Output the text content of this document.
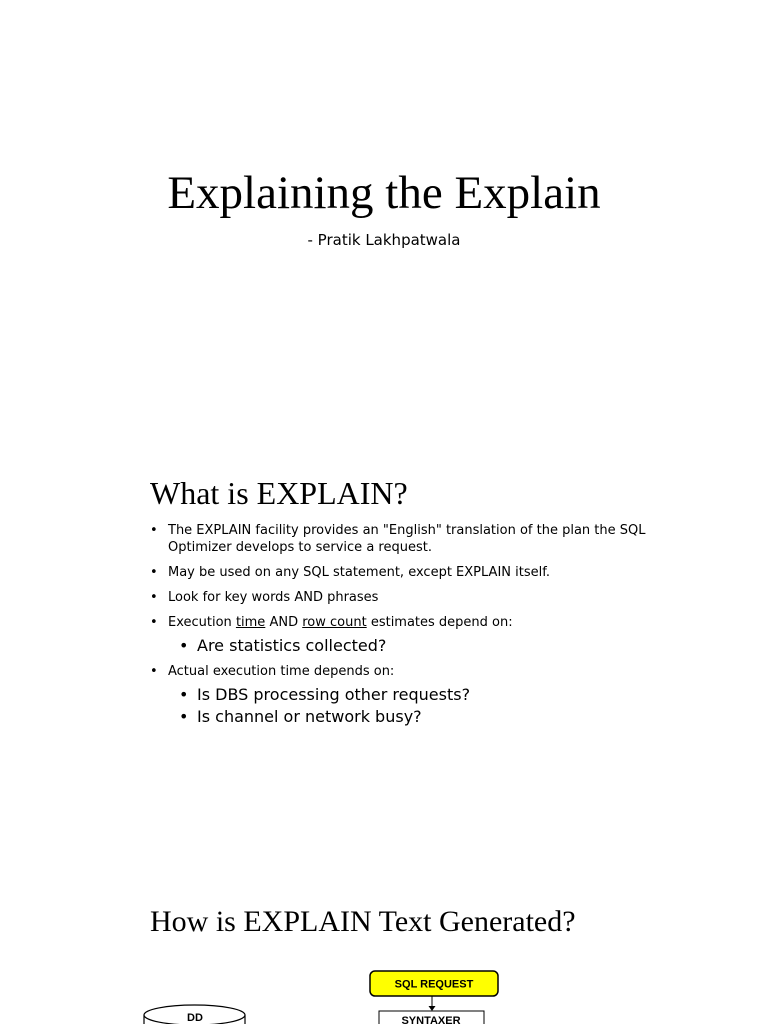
Explaining the Explain
- Pratik Lakhpatwala
What is EXPLAIN?
• The EXPLAIN facility provides an "English" translation of the plan the SQL Optimizer develops to service a request.
• May be used on any SQL statement, except EXPLAIN itself.
• Look for key words AND phrases
• Execution time AND row count estimates depend on:
• Are statistics collected?
• Actual execution time depends on:
• Is DBS processing other requests?
• Is channel or network busy?
How is EXPLAIN Text Generated?
SQL REQUEST
SYNTAXER
DD
